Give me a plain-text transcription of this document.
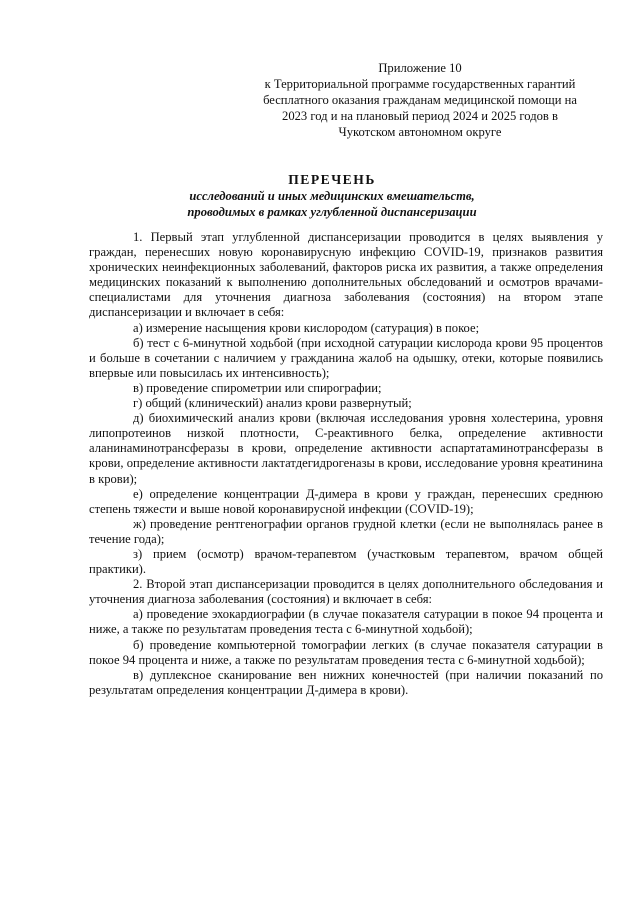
Приложение 10
к Территориальной программе государственных гарантий
бесплатного оказания гражданам медицинской помощи на
2023 год и на плановый период 2024 и 2025 годов в
Чукотском автономном округе
ПЕРЕЧЕНЬ
исследований и иных медицинских вмешательств,
проводимых в рамках углубленной диспансеризации

1. Первый этап углубленной диспансеризации проводится в целях выявления у граждан, перенесших новую коронавирусную инфекцию COVID-19, признаков развития хронических неинфекционных заболеваний, факторов риска их развития, а также определения медицинских показаний к выполнению дополнительных обследований и осмотров врачами-специалистами для уточнения диагноза заболевания (состояния) на втором этапе диспансеризации и включает в себя:

а) измерение насыщения крови кислородом (сатурация) в покое;

б) тест с 6-минутной ходьбой (при исходной сатурации кислорода крови 95 процентов и больше в сочетании с наличием у гражданина жалоб на одышку, отеки, которые появились впервые или повысилась их интенсивность);

в) проведение спирометрии или спирографии;

г) общий (клинический) анализ крови развернутый;

д) биохимический анализ крови (включая исследования уровня холестерина, уровня липопротеинов низкой плотности, С-реактивного белка, определение активности аланинаминотрансферазы в крови, определение активности аспартатаминотрансферазы в крови, определение активности лактатдегидрогеназы в крови, исследование уровня креатинина в крови);

е) определение концентрации Д-димера в крови у граждан, перенесших среднюю степень тяжести и выше новой коронавирусной инфекции (COVID-19);

ж) проведение рентгенографии органов грудной клетки (если не выполнялась ранее в течение года);

з) прием (осмотр) врачом-терапевтом (участковым терапевтом, врачом общей практики).

2. Второй этап диспансеризации проводится в целях дополнительного обследования и уточнения диагноза заболевания (состояния) и включает в себя:

а) проведение эхокардиографии (в случае показателя сатурации в покое 94 процента и ниже, а также по результатам проведения теста с 6-минутной ходьбой);

б) проведение компьютерной томографии легких (в случае показателя сатурации в покое 94 процента и ниже, а также по результатам проведения теста с 6-минутной ходьбой);

в) дуплексное сканирование вен нижних конечностей (при наличии показаний по результатам определения концентрации Д-димера в крови).
